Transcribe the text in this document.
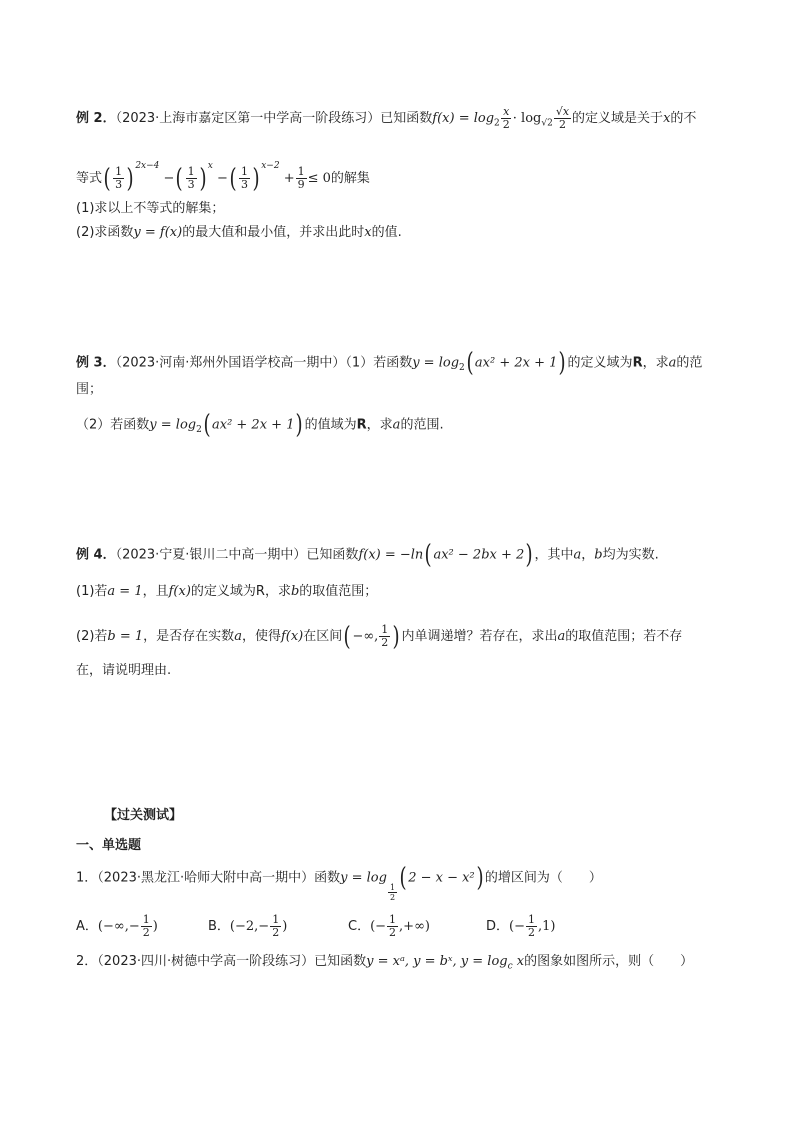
例 2．（2023·上海市嘉定区第一中学高一阶段练习）已知函数$f(x) = \log_2 \frac{x}{2} \cdot \log_{√2} \frac{√x}{2}$ 的定义域是关于x的不
等式( $\frac{1}{3}$ ) $^{2x-4}$ −( $\frac{1}{3}$ ) $^x$ −( $\frac{1}{3}$ ) $^{x-2} + \frac{1}{9} \le 0$的解集
(1)求以上不等式的解集；
(2)求函数y = f(x)的最大值和最小值，并求出此时x的值.
例 3．（2023·河南·郑州外国语学校高一期中）（1）若函数$y = \log_2$( ax² + 2x + 1) 的定义域为R，求a的范
围；
（2）若函数$y = \log_2$( ax² + 2x + 1) 的值域为R，求a的范围.
例 4．（2023·宁夏·银川二中高一期中）已知函数f(x) = −ln( ax² − 2bx + 2) ，其中a，b均为实数.
(1)若a = 1，且f(x)的定义域为R，求b的取值范围；
(2)若b = 1，是否存在实数a，使得f(x)在区间( −∞, $\frac{1}{2}$ ) 内单调递增？若存在，求出a的取值范围；若不存
在，请说明理由.
【过关测试】
一、单选题
1．（2023·黑龙江·哈师大附中高一期中）函数y = log
$\frac{1}{2}$ ( 2 − x − x²) 的增区间为（　　）
A．(−∞,− $\frac{1}{2}$ )	B．($-2,- \frac{1}{2}$ )	C．(− $\frac{1}{2}$ ,+∞)	D．(− $\frac{1}{2} ,1$)
2．（2023·四川·树德中学高一阶段练习）已知函数y = xᵃ, y = bˣ, $y = \log_c x$的图象如图所示，则（　　）
